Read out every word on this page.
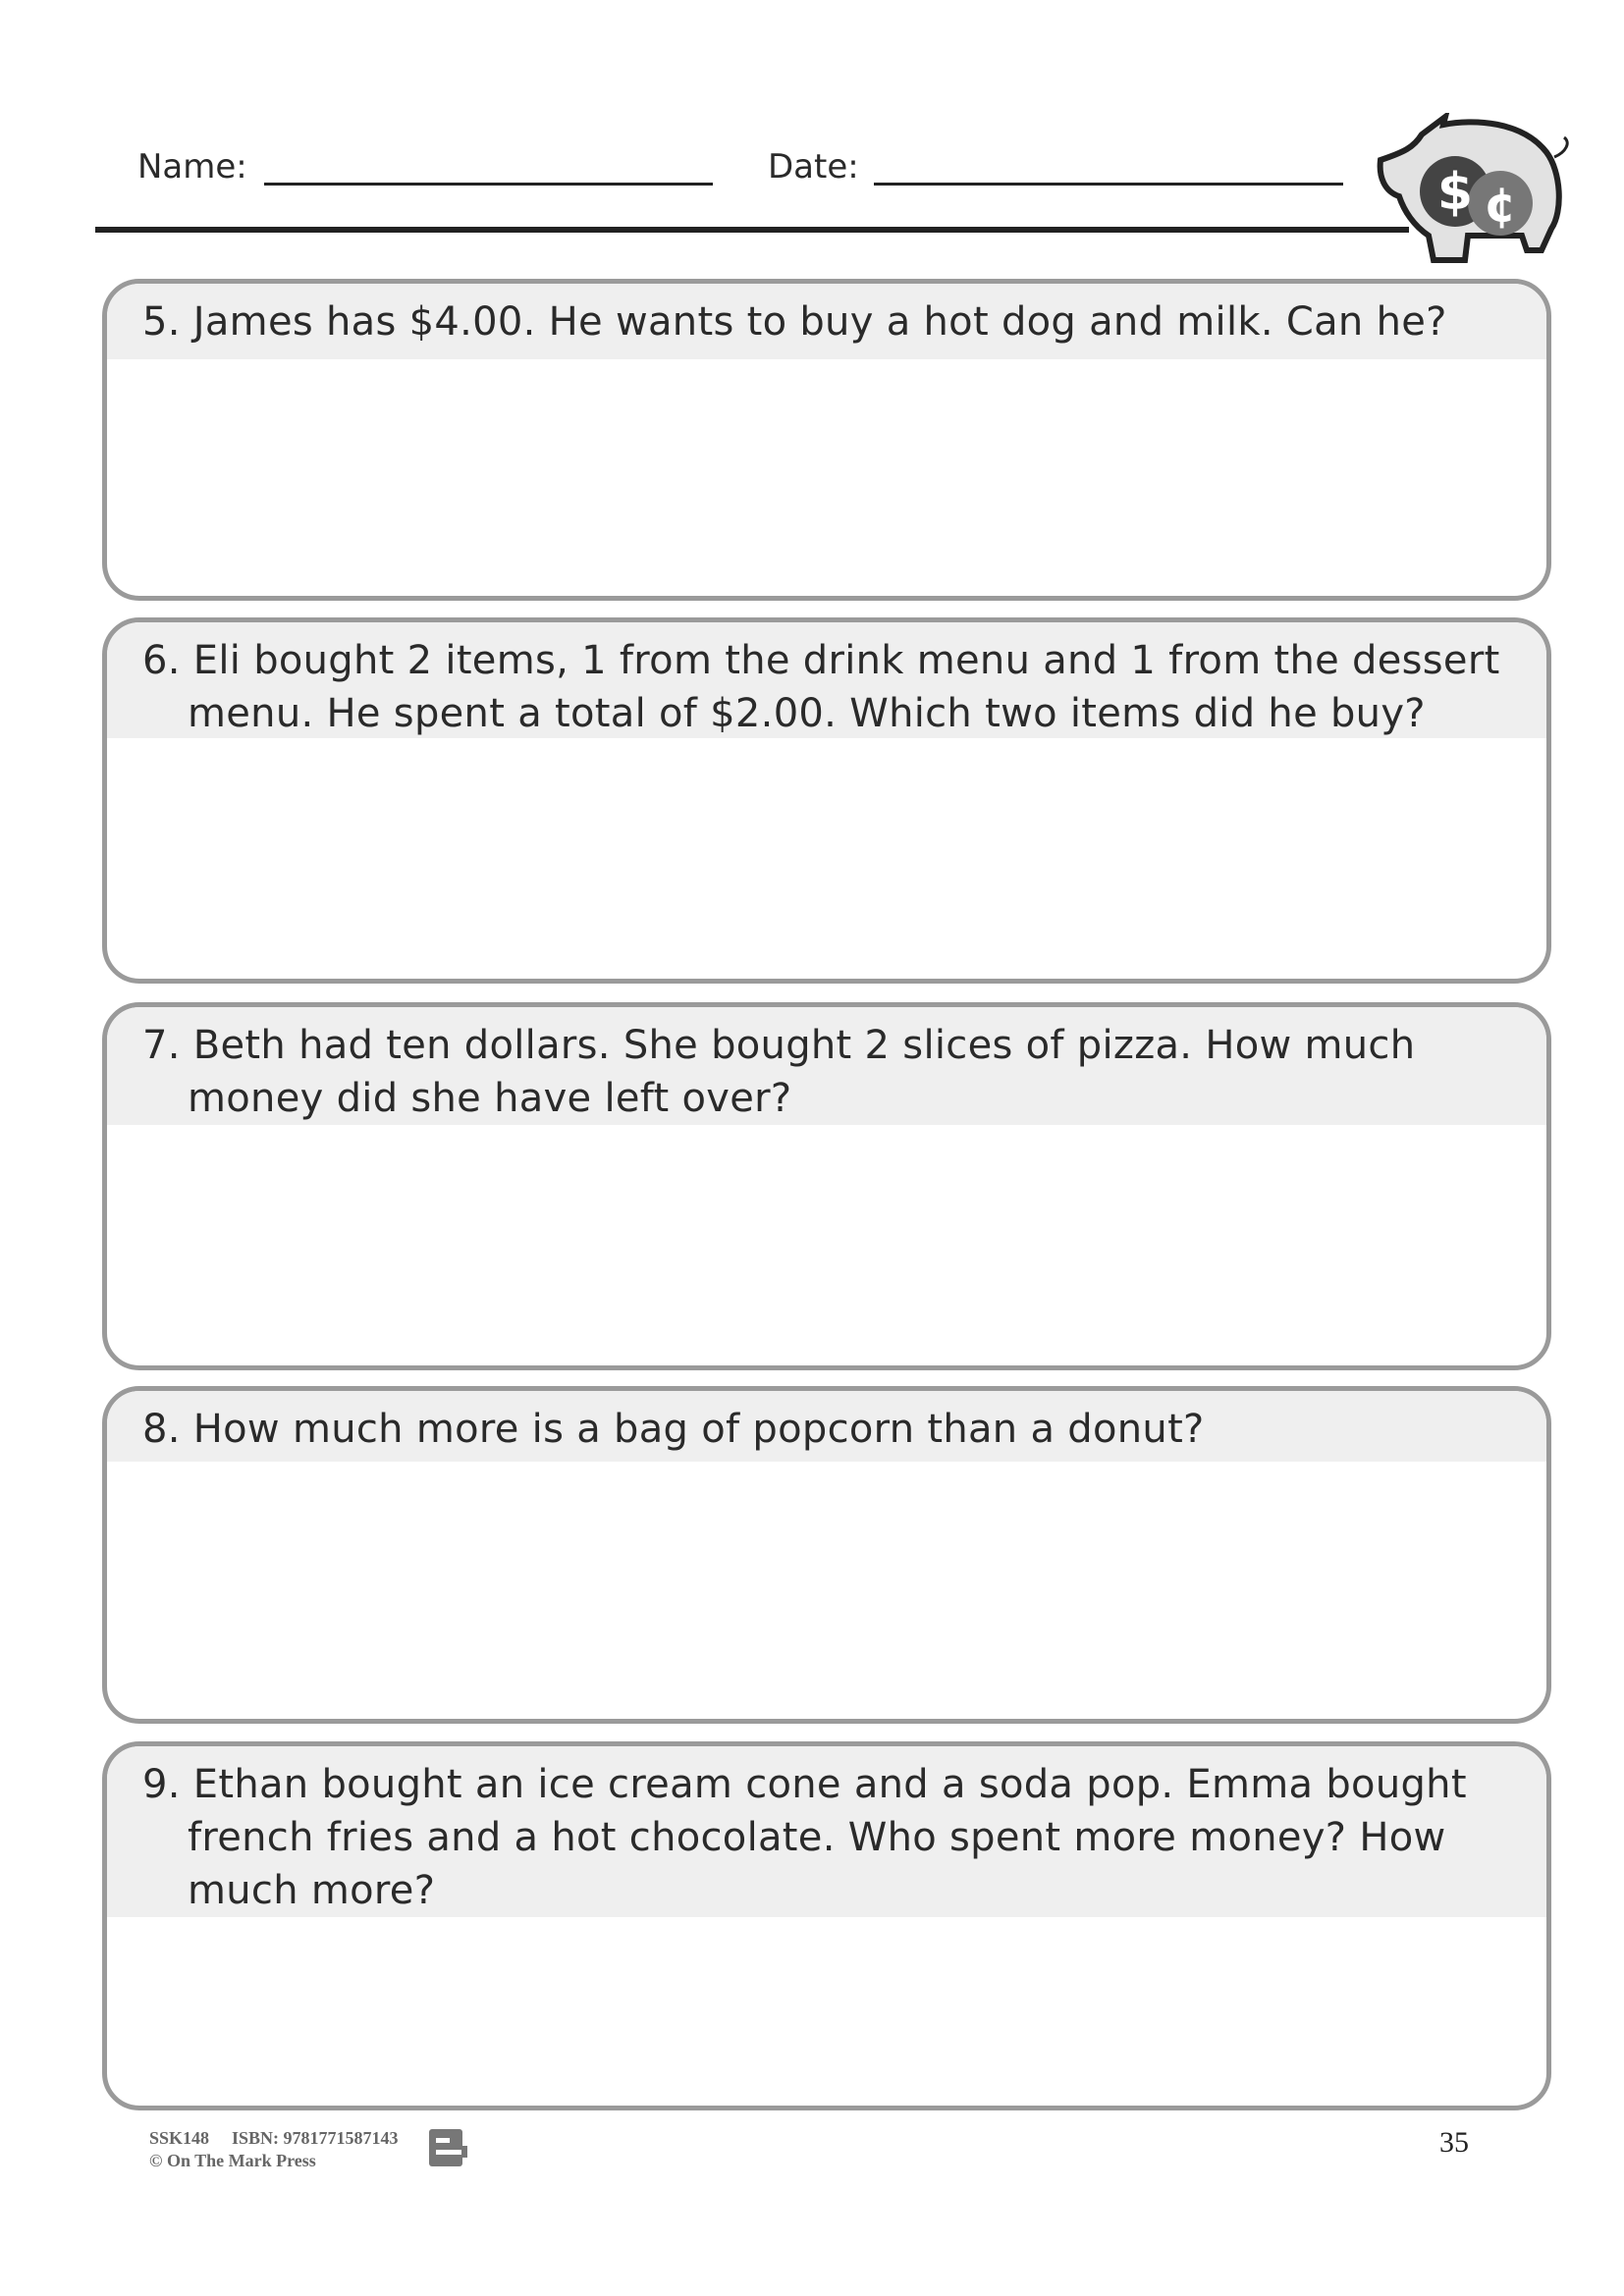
Name:	Date:	$ ¢
5. James has $4.00. He wants to buy a hot dog and milk. Can he?
6. Eli bought 2 items, 1 from the drink menu and 1 from the dessert menu. He spent a total of $2.00. Which two items did he buy?
7. Beth had ten dollars. She bought 2 slices of pizza. How much money did she have left over?
8. How much more is a bag of popcorn than a donut?
9. Ethan bought an ice cream cone and a soda pop. Emma bought french fries and a hot chocolate. Who spent more money? How much more?
SSK148 ISBN: 9781771587143
© On The Mark Press
35
